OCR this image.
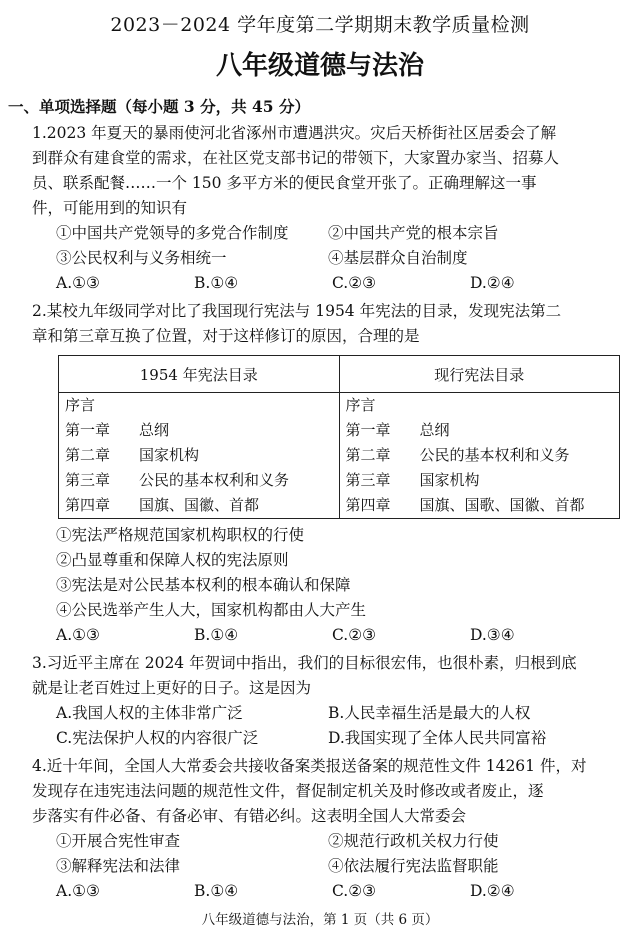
2023－2024 学年度第二学期期末教学质量检测
八年级道德与法治
一、单项选择题（每小题 3 分，共 45 分）

1.2023 年夏天的暴雨使河北省涿州市遭遇洪灾。灾后天桥街社区居委会了解

到群众有建食堂的需求，在社区党支部书记的带领下，大家置办家当、招募人

员、联系配餐……一个 150 多平方米的便民食堂开张了。正确理解这一事

件，可能用到的知识有

①中国共产党领导的多党合作制度	②中国共产党的根本宗旨
③公民权利与义务相统一	④基层群众自治制度
A.①③	B.①④	C.②③	D.②④

2.某校九年级同学对比了我国现行宪法与 1954 年宪法的目录，发现宪法第二

章和第三章互换了位置，对于这样修订的原因，合理的是

1954 年宪法目录	现行宪法目录

序言	序言

第一章 总纲	第一章 总纲

第二章 国家机构	第二章 公民的基本权利和义务

第三章 公民的基本权利和义务	第三章 国家机构

第四章 国旗、国徽、首都	第四章 国旗、国歌、国徽、首都
①宪法严格规范国家机构职权的行使
②凸显尊重和保障人权的宪法原则
③宪法是对公民基本权利的根本确认和保障
④公民选举产生人大，国家机构都由人大产生
A.①③	B.①④	C.②③	D.③④

3.习近平主席在 2024 年贺词中指出，我们的目标很宏伟，也很朴素，归根到底

就是让老百姓过上更好的日子。这是因为

A.我国人权的主体非常广泛	B.人民幸福生活是最大的人权
C.宪法保护人权的内容很广泛	D.我国实现了全体人民共同富裕

4.近十年间，全国人大常委会共接收备案类报送备案的规范性文件 14261 件，对

发现存在违宪违法问题的规范性文件，督促制定机关及时修改或者废止，逐

步落实有件必备、有备必审、有错必纠。这表明全国人大常委会

①开展合宪性审查	②规范行政机关权力行使
③解释宪法和法律	④依法履行宪法监督职能
A.①③	B.①④	C.②③	D.②④
八年级道德与法治，第 1 页（共 6 页）
